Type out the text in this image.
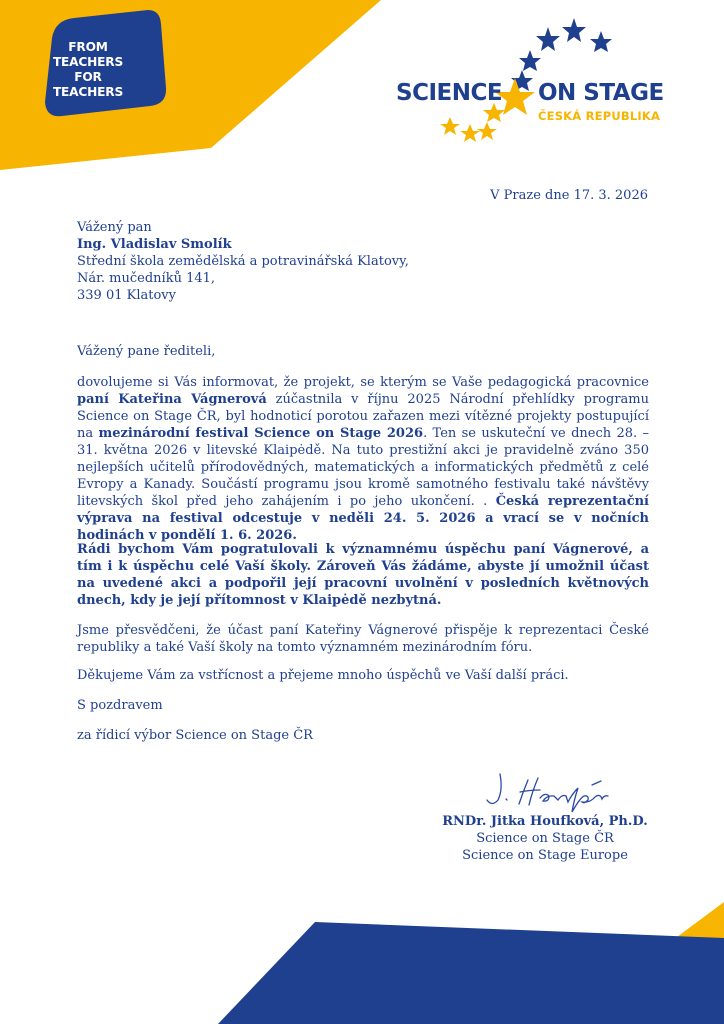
FROM
TEACHERS
FOR
TEACHERS	SCIENCE ON STAGE
ČESKÁ REPUBLIKA
V Praze dne 17. 3. 2026
Vážený pan
Ing. Vladislav Smolík
Střední škola zemědělská a potravinářská Klatovy,
Nár. mučedníků 141,
339 01 Klatovy
Vážený pane řediteli,
dovolujeme si Vás informovat, že projekt, se kterým se Vaše pedagogická pracovnice paní Kateřina Vágnerová zúčastnila v říjnu 2025 Národní přehlídky programu Science on Stage ČR, byl hodnoticí porotou zařazen mezi vítězné projekty postupující na mezinárodní festival Science on Stage 2026. Ten se uskuteční ve dnech 28. – 31. května 2026 v litevské Klaipėdě. Na tuto prestižní akci je pravidelně zváno 350 nejlepších učitelů přírodovědných, matematických a informatických předmětů z celé Evropy a Kanady. Součástí programu jsou kromě samotného festivalu také návštěvy litevských škol před jeho zahájením i po jeho ukončení. . Česká reprezentační výprava na festival odcestuje v neděli 24. 5. 2026 a vrací se v nočních hodinách v pondělí 1. 6. 2026.
Rádi bychom Vám pogratulovali k významnému úspěchu paní Vágnerové, a tím i k úspěchu celé Vaší školy. Zároveň Vás žádáme, abyste jí umožnil účast na uvedené akci a podpořil její pracovní uvolnění v posledních květnových dnech, kdy je její přítomnost v Klaipėdě nezbytná.
Jsme přesvědčeni, že účast paní Kateřiny Vágnerové přispěje k reprezentaci České republiky a také Vaší školy na tomto významném mezinárodním fóru.
Děkujeme Vám za vstřícnost a přejeme mnoho úspěchů ve Vaší další práci.
S pozdravem
za řídicí výbor Science on Stage ČR
RNDr. Jitka Houfková, Ph.D.
Science on Stage ČR
Science on Stage Europe
